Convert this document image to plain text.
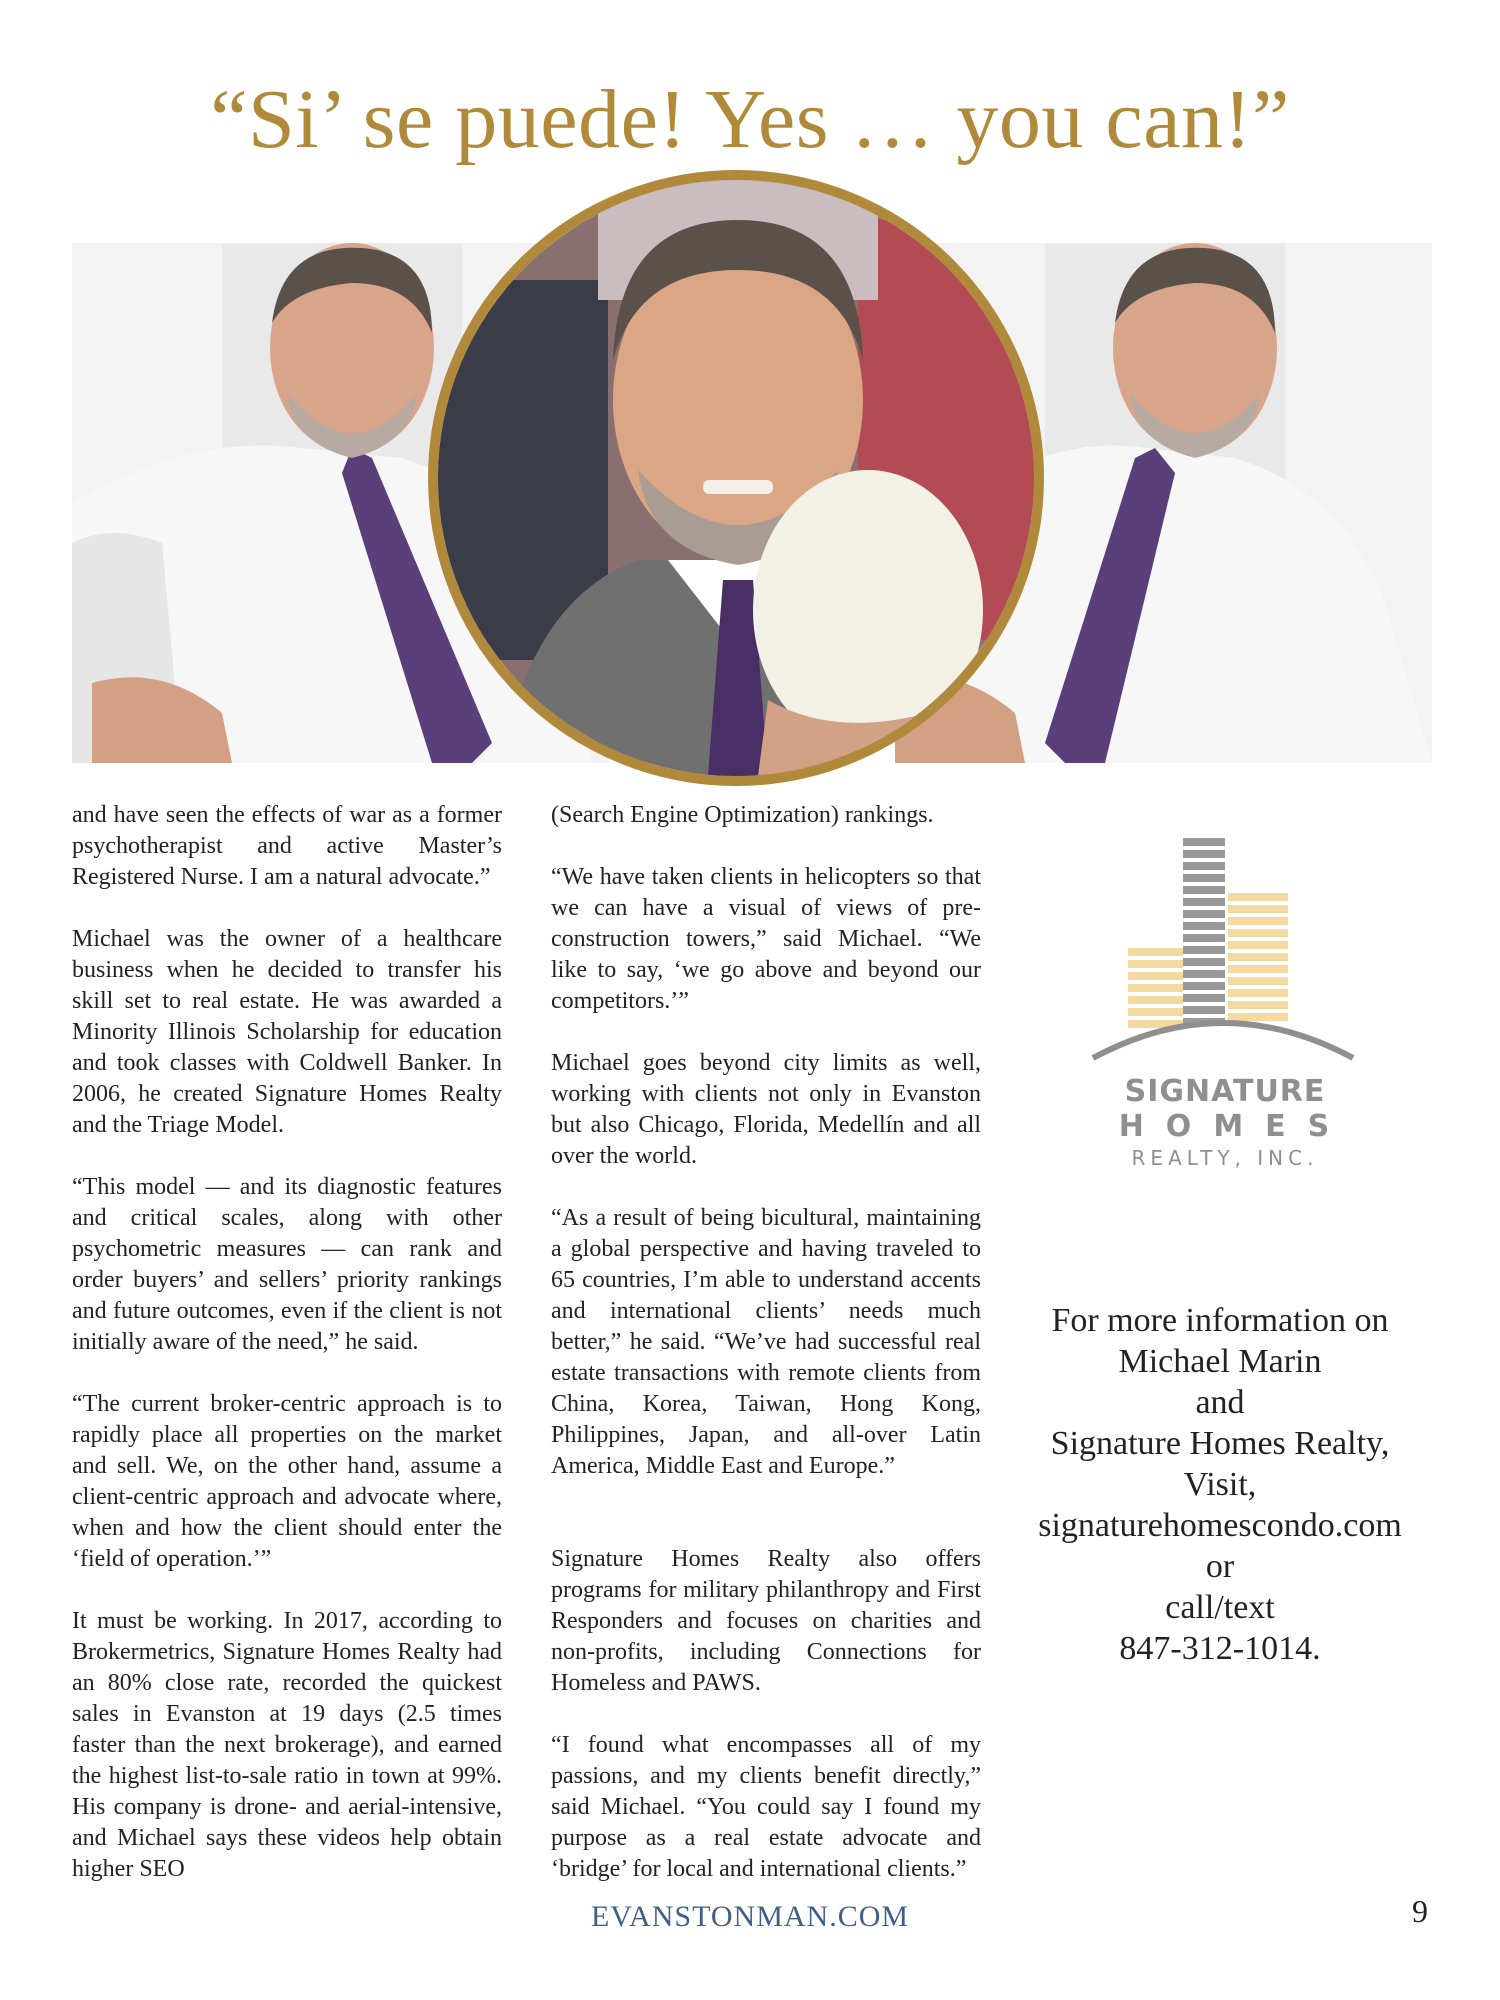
“Si’ se puede! Yes … you can!”

and have seen the effects of war as a former psychotherapist and active Master’s Registered Nurse. I am a natural advocate.”

Michael was the owner of a healthcare business when he decided to transfer his skill set to real estate. He was awarded a Minority Illinois Scholarship for education and took classes with Coldwell Banker. In 2006, he created Signature Homes Realty and the Triage Model.

“This model — and its diagnostic features and critical scales, along with other psychometric measures — can rank and order buyers’ and sellers’ priority rankings and future outcomes, even if the client is not initially aware of the need,” he said.

“The current broker-centric approach is to rapidly place all properties on the market and sell. We, on the other hand, assume a client-centric approach and advocate where, when and how the client should enter the ‘field of operation.’”

It must be working. In 2017, according to Brokermetrics, Signature Homes Realty had an 80% close rate, recorded the quickest sales in Evanston at 19 days (2.5 times faster than the next brokerage), and earned the highest list-to-sale ratio in town at 99%. His company is drone- and aerial-intensive, and Michael says these videos help obtain higher SEO

(Search Engine Optimization) rankings.

“We have taken clients in helicopters so that we can have a visual of views of pre-construction towers,” said Michael. “We like to say, ‘we go above and beyond our competitors.’”

Michael goes beyond city limits as well, working with clients not only in Evanston but also Chicago, Florida, Medellín and all over the world.

“As a result of being bicultural, maintaining a global perspective and having traveled to 65 countries, I’m able to understand accents and international clients’ needs much better,” he said. “We’ve had successful real estate transactions with remote clients from China, Korea, Taiwan, Hong Kong, Philippines, Japan, and all-over Latin America, Middle East and Europe.”

Signature Homes Realty also offers programs for military philanthropy and First Responders and focuses on charities and non-profits, including Connections for Homeless and PAWS.

“I found what encompasses all of my passions, and my clients benefit directly,” said Michael. “You could say I found my purpose as a real estate advocate and ‘bridge’ for local and international clients.”

SIGNATURE
HOMES
REALTY, INC.
For more information on
Michael Marin
and
Signature Homes Realty,
Visit,
signaturehomescondo.com
or
call/text
847-312-1014.
EVANSTONMAN.COM	9
